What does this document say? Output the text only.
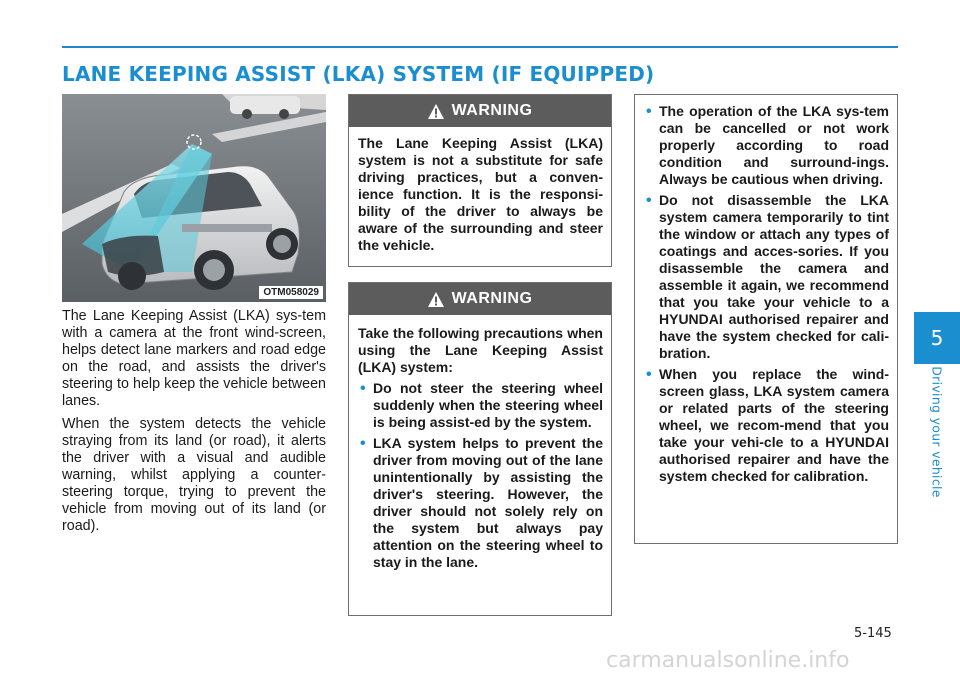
LANE KEEPING ASSIST (LKA) SYSTEM (IF EQUIPPED)
OTM058029

The Lane Keeping Assist (LKA) sys-tem with a camera at the front wind-screen, helps detect lane markers and road edge on the road, and assists the driver's steering to help keep the vehicle between lanes.

When the system detects the vehicle straying from its land (or road), it alerts the driver with a visual and audible warning, whilst applying a counter-steering torque, trying to prevent the vehicle from moving out of its land (or road).

WARNING

The Lane Keeping Assist (LKA) system is not a substitute for safe driving practices, but a conven-ience function. It is the responsi-bility of the driver to always be aware of the surrounding and steer the vehicle.

WARNING

Take the following precautions when using the Lane Keeping Assist (LKA) system:

• Do not steer the steering wheel suddenly when the steering wheel is being assist-ed by the system.
• LKA system helps to prevent the driver from moving out of the lane unintentionally by assisting the driver's steering. However, the driver should not solely rely on the system but always pay attention on the steering wheel to stay in the lane.
• The operation of the LKA sys-tem can be cancelled or not work properly according to road condition and surround-ings. Always be cautious when driving.
• Do not disassemble the LKA system camera temporarily to tint the window or attach any types of coatings and acces-sories. If you disassemble the camera and assemble it again, we recommend that you take your vehicle to a HYUNDAI authorised repairer and have the system checked for cali-bration.
• When you replace the wind-screen glass, LKA system camera or related parts of the steering wheel, we recom-mend that you take your vehi-cle to a HYUNDAI authorised repairer and have the system checked for calibration.
5
Driving your vehicle
5-145
carmanualsonline.info
